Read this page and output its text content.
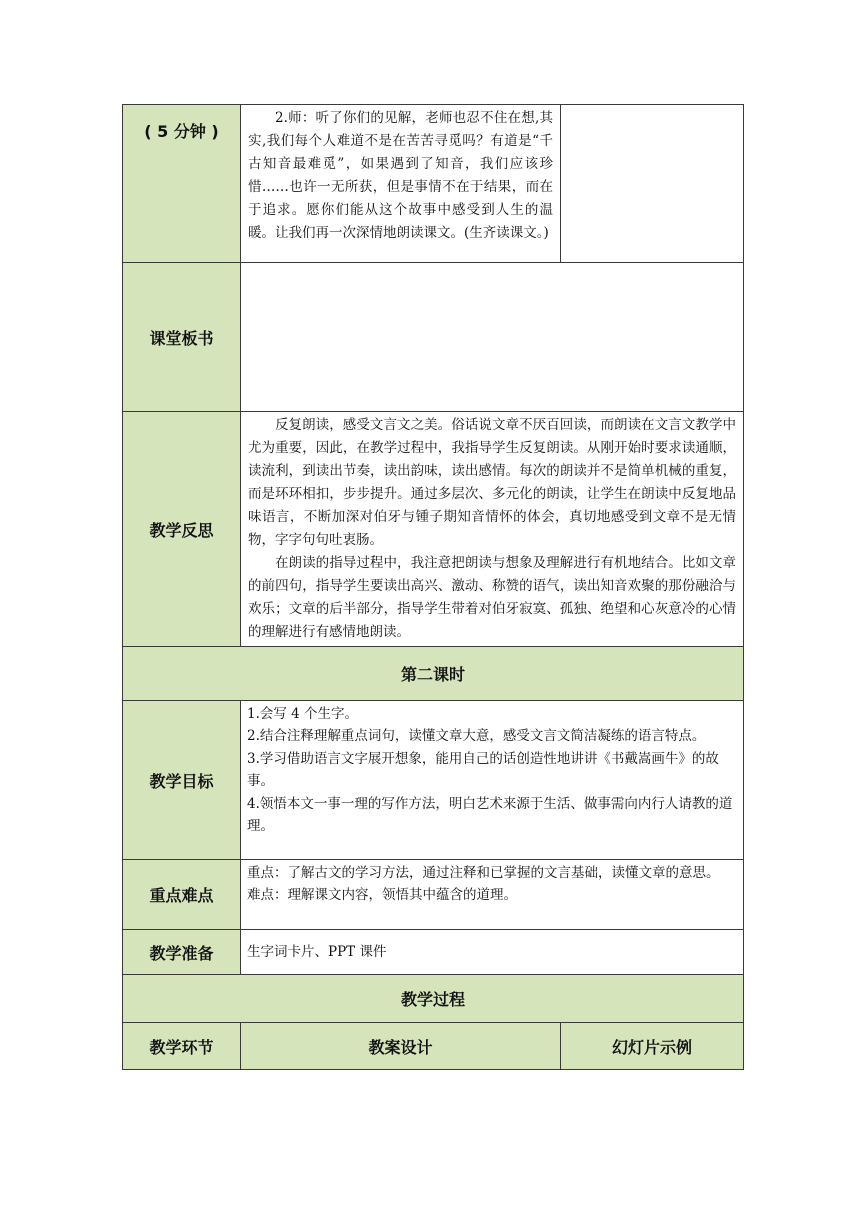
( 5 分钟 )	2.师：听了你们的见解，老师也忍不住在想,其实,我们每个人难道不是在苦苦寻觅吗？有道是“千古知音最难觅”，如果遇到了知音，我们应该珍惜……也许一无所获，但是事情不在于结果，而在于追求。愿你们能从这个故事中感受到人生的温暖。让我们再一次深情地朗读课文。(生齐读课文。)	

课堂板书		
教学反思	反复朗读，感受文言文之美。俗话说文章不厌百回读，而朗读在文言文教学中尤为重要，因此，在教学过程中，我指导学生反复朗读。从刚开始时要求读通顺，读流利，到读出节奏，读出韵味，读出感情。每次的朗读并不是简单机械的重复，而是环环相扣，步步提升。通过多层次、多元化的朗读，让学生在朗读中反复地品味语言，不断加深对伯牙与锺子期知音情怀的体会，真切地感受到文章不是无情物，字字句句吐衷肠。

在朗读的指导过程中，我注意把朗读与想象及理解进行有机地结合。比如文章的前四句，指导学生要读出高兴、激动、称赞的语气，读出知音欢聚的那份融洽与欢乐；文章的后半部分，指导学生带着对伯牙寂寞、孤独、绝望和心灰意冷的心情的理解进行有感情地朗读。	

第二课时		
教学目标	1.会写 4 个生字。

2.结合注释理解重点词句，读懂文章大意，感受文言文简洁凝练的语言特点。

3.学习借助语言文字展开想象，能用自己的话创造性地讲讲《书戴嵩画牛》的故事。

4.领悟本文一事一理的写作方法，明白艺术来源于生活、做事需向内行人请教的道理。	

重点难点	重点：了解古文的学习方法，通过注释和已掌握的文言基础，读懂文章的意思。

难点：理解课文内容，领悟其中蕴含的道理。	

教学准备	生字词卡片、PPT 课件	
教学过程		
教学环节	教案设计	幻灯片示例
